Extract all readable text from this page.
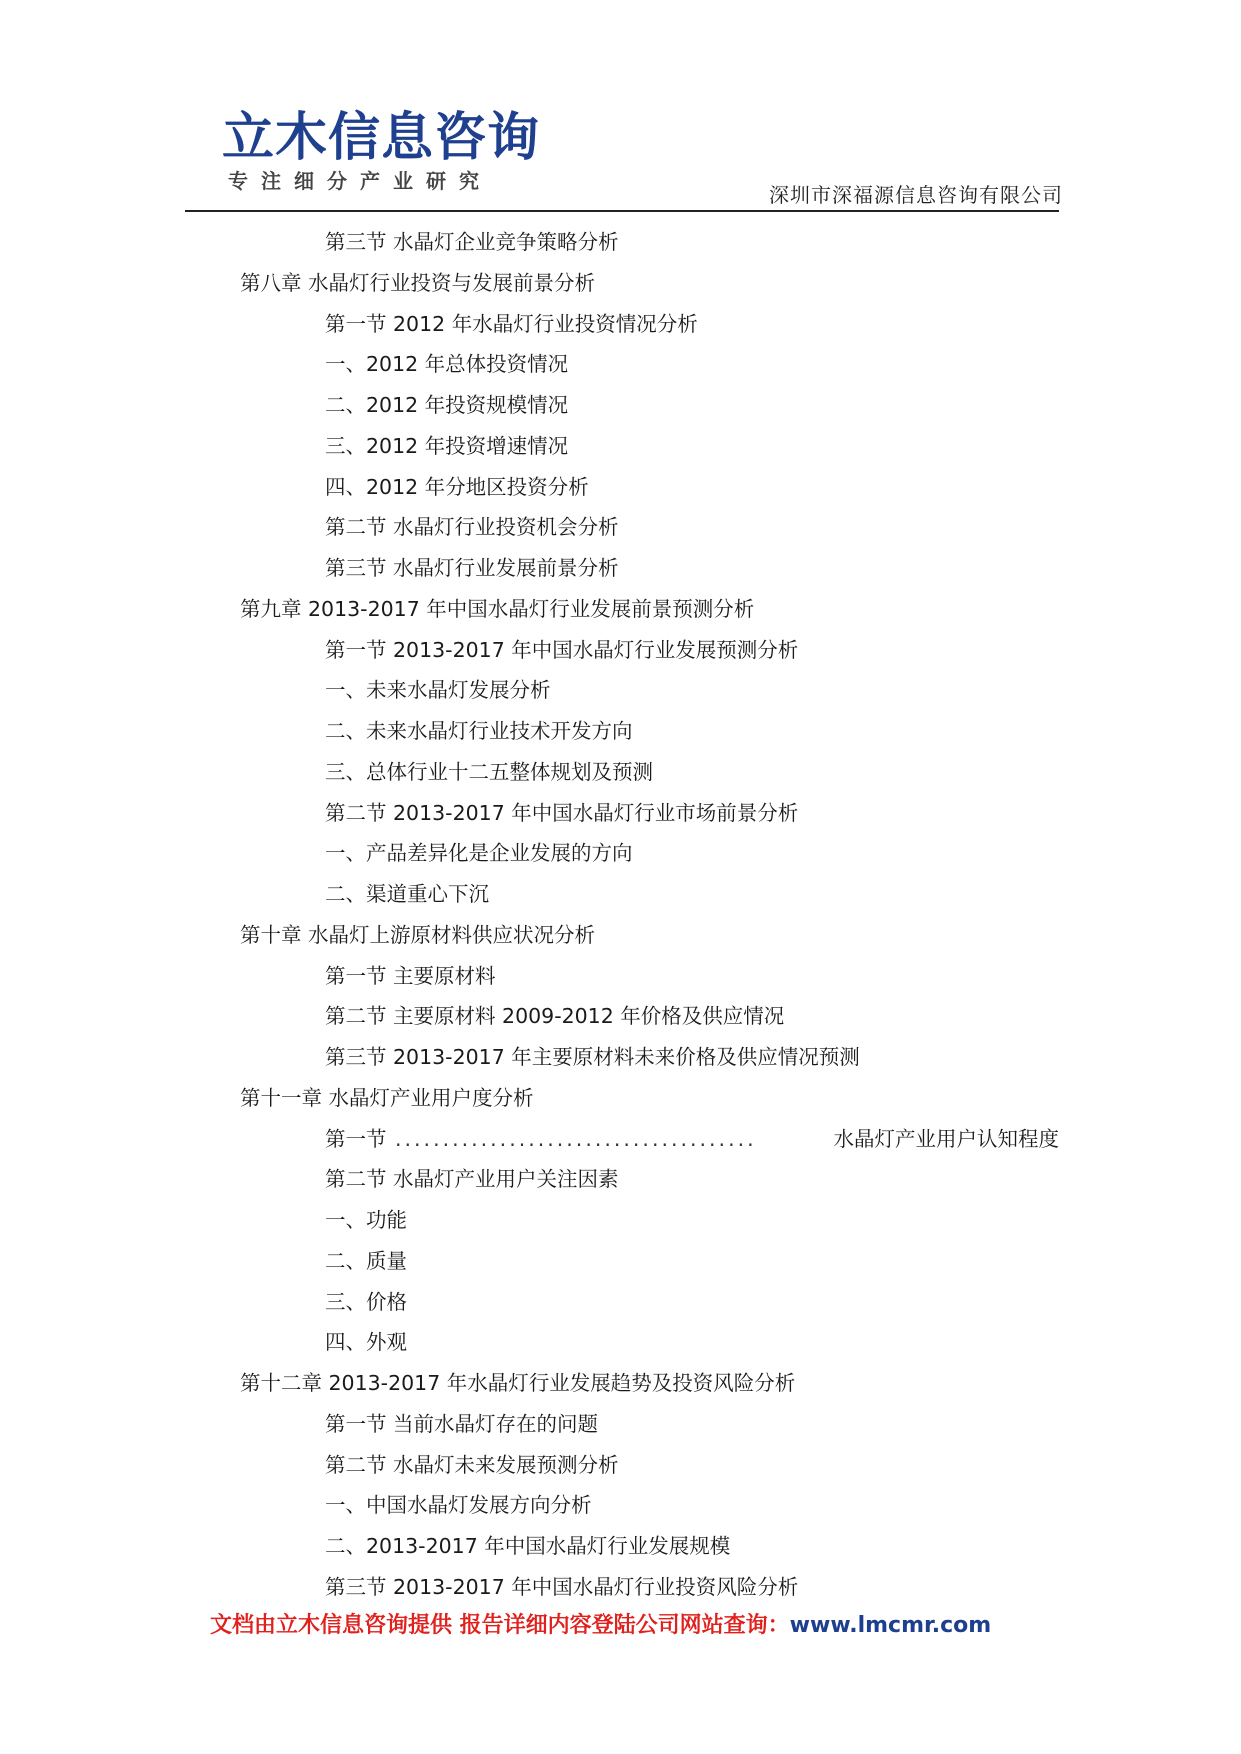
立木信息咨询
专注细分产业研究
深圳市深福源信息咨询有限公司
第三节 水晶灯企业竞争策略分析
第八章 水晶灯行业投资与发展前景分析
第一节 2012 年水晶灯行业投资情况分析
一、2012 年总体投资情况
二、2012 年投资规模情况
三、2012 年投资增速情况
四、2012 年分地区投资分析
第二节 水晶灯行业投资机会分析
第三节 水晶灯行业发展前景分析
第九章 2013-2017 年中国水晶灯行业发展前景预测分析
第一节 2013-2017 年中国水晶灯行业发展预测分析
一、未来水晶灯发展分析
二、未来水晶灯行业技术开发方向
三、总体行业十二五整体规划及预测
第二节 2013-2017 年中国水晶灯行业市场前景分析
一、产品差异化是企业发展的方向
二、渠道重心下沉
第十章 水晶灯上游原材料供应状况分析
第一节 主要原材料
第二节 主要原材料 2009-2012 年价格及供应情况
第三节 2013-2017 年主要原材料未来价格及供应情况预测
第十一章 水晶灯产业用户度分析
第一节 ......................................	水晶灯产业用户认知程度
第二节 水晶灯产业用户关注因素
一、功能
二、质量
三、价格
四、外观
第十二章 2013-2017 年水晶灯行业发展趋势及投资风险分析
第一节 当前水晶灯存在的问题
第二节 水晶灯未来发展预测分析
一、中国水晶灯发展方向分析
二、2013-2017 年中国水晶灯行业发展规模
第三节 2013-2017 年中国水晶灯行业投资风险分析
文档由立木信息咨询提供 报告详细内容登陆公司网站查询：www.lmcmr.com
